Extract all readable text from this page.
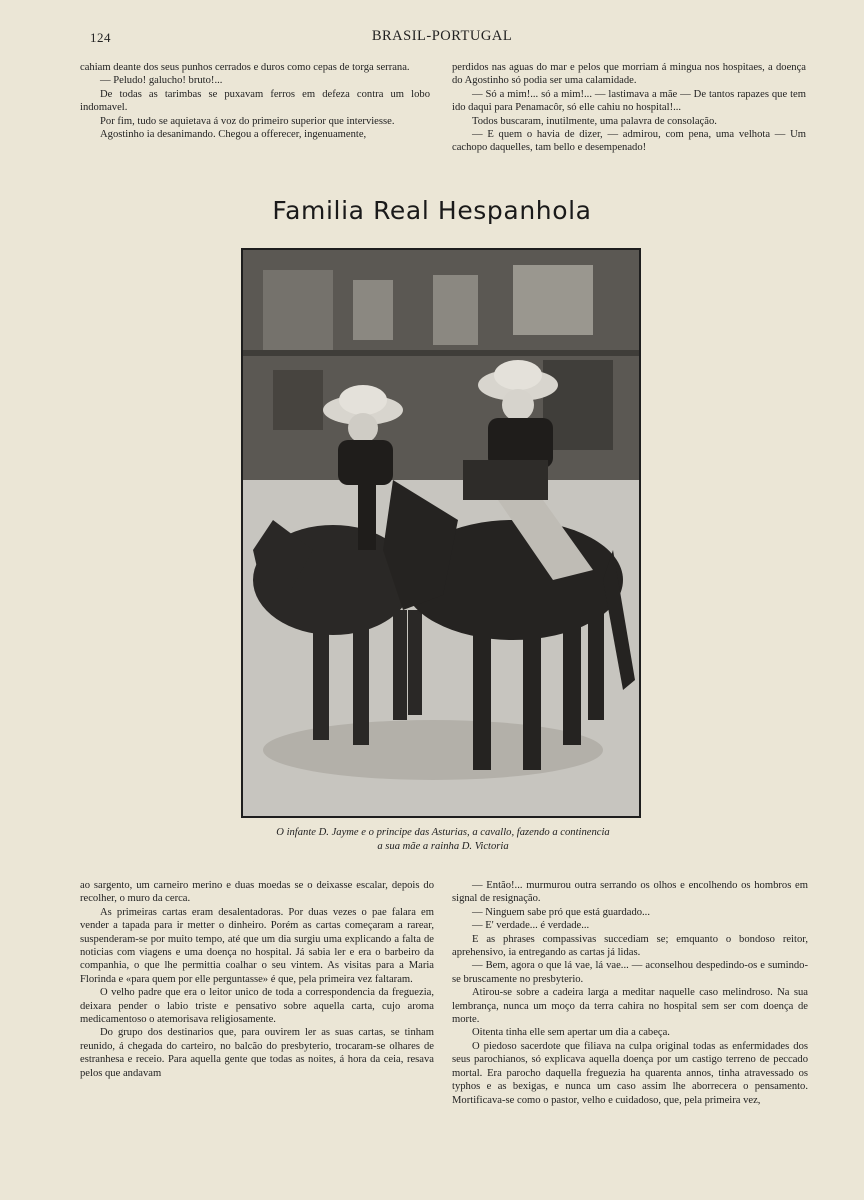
124	BRASIL-PORTUGAL

cahiam deante dos seus punhos cerrados e duros como cepas de torga serrana.

— Peludo! galucho! bruto!...

De todas as tarimbas se puxavam ferros em defeza contra um lobo indomavel.

Por fim, tudo se aquietava á voz do primeiro superior que interviesse.

Agostinho ia desanimando. Chegou a offerecer, ingenuamente,

perdidos nas aguas do mar e pelos que morriam á mingua nos hospitaes, a doença do Agostinho só podia ser uma calamidade.

— Só a mim!... só a mim!... — lastimava a mãe — De tantos rapazes que tem ido daqui para Penamacôr, só elle cahiu no hospital!...

Todos buscaram, inutilmente, uma palavra de consolação.

— E quem o havia de dizer, — admirou, com pena, uma velhota — Um cachopo daquelles, tam bello e desempenado!

Familia Real Hespanhola
O infante D. Jayme e o principe das Asturias, a cavallo, fazendo a continencia
a sua mãe a rainha D. Victoria

ao sargento, um carneiro merino e duas moedas se o deixasse escalar, depois do recolher, o muro da cerca.

As primeiras cartas eram desalentadoras. Por duas vezes o pae falara em vender a tapada para ir metter o dinheiro. Porém as cartas começaram a rarear, suspenderam-se por muito tempo, até que um dia surgiu uma explicando a falta de noticias com viagens e uma doença no hospital. Já sabia ler e era o barbeiro da companhia, o que lhe permittia coalhar o seu vintem. As visitas para a Maria Florinda e «para quem por elle perguntasse» é que, pela primeira vez faltaram.

O velho padre que era o leitor unico de toda a correspondencia da freguezia, deixara pender o labio triste e pensativo sobre aquella carta, cujo aroma medicamentoso o atemorisava religiosamente.

Do grupo dos destinarios que, para ouvirem ler as suas cartas, se tinham reunido, á chegada do carteiro, no balcão do presbyterio, trocaram-se olhares de estranhesa e receio. Para aquella gente que todas as noites, á hora da ceia, resava pelos que andavam

— Então!... murmurou outra serrando os olhos e encolhendo os hombros em signal de resignação.

— Ninguem sabe pró que está guardado...

— E' verdade... é verdade...

E as phrases compassivas succediam se; emquanto o bondoso reitor, aprehensivo, ia entregando as cartas já lidas.

— Bem, agora o que lá vae, lá vae... — aconselhou despedindo-os e sumindo-se bruscamente no presbyterio.

Atirou-se sobre a cadeira larga a meditar naquelle caso melindroso. Na sua lembrança, nunca um moço da terra cahira no hospital sem ser com doença de morte.

Oitenta tinha elle sem apertar um dia a cabeça.

O piedoso sacerdote que filiava na culpa original todas as enfermidades dos seus parochianos, só explicava aquella doença por um castigo terreno de peccado mortal. Era parocho daquella freguezia ha quarenta annos, tinha atravessado os typhos e as bexigas, e nunca um caso assim lhe aborrecera o pensamento. Mortificava-se como o pastor, velho e cuidadoso, que, pela primeira vez,
